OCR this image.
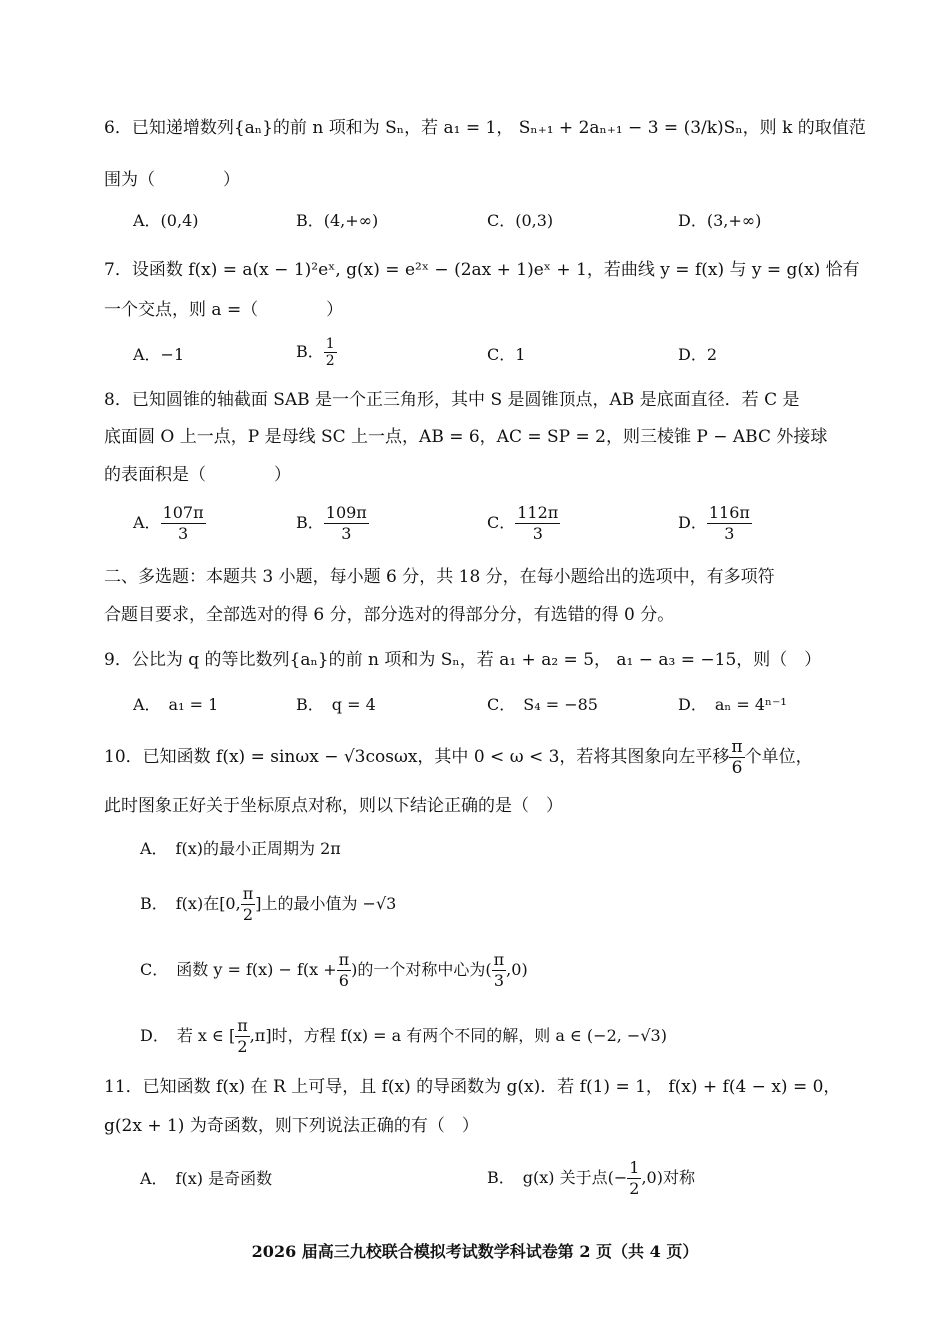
6．已知递增数列{aₙ}的前 n 项和为 Sₙ，若 a₁ = 1， Sₙ₊₁ + 2aₙ₊₁ − 3 = (3/k)Sₙ，则 k 的取值范
围为（　　　　）
A．(0,4)	B．(4,+∞)	C．(0,3)	D．(3,+∞)
7．设函数 f(x) = a(x − 1)²eˣ, g(x) = e²ˣ − (2ax + 1)eˣ + 1，若曲线 y = f(x) 与 y = g(x) 恰有
一个交点，则 a =（　　　　）
A．−1	B． $\frac{1}{2}$	C．1	D．2
8．已知圆锥的轴截面 SAB 是一个正三角形，其中 S 是圆锥顶点，AB 是底面直径．若 C 是
底面圆 O 上一点，P 是母线 SC 上一点，AB = 6，AC = SP = 2，则三棱锥 P − ABC 外接球
的表面积是（　　　　）
A． $\frac{107\pi}{3}$	B． $\frac{109\pi}{3}$	C． $\frac{112\pi}{3}$	D． $\frac{116\pi}{3}$
二、多选题：本题共 3 小题，每小题 6 分，共 18 分，在每小题给出的选项中，有多项符
合题目要求，全部选对的得 6 分，部分选对的得部分分，有选错的得 0 分。
9．公比为 q 的等比数列{aₙ}的前 n 项和为 Sₙ，若 a₁ + a₂ = 5， a₁ − a₃ = −15，则（　）
A．　a₁ = 1	B．　q = 4	C．　S₄ = −85	D．　aₙ = 4ⁿ⁻¹
10．已知函数 f(x) = sinωx − √3cosωx，其中 0 < ω < 3，若将其图象向左平移 $\frac{\pi}{6}$ 个单位，
此时图象正好关于坐标原点对称，则以下结论正确的是（　）
A．　f(x)的最小正周期为 2π
B．　f(x)在[0, $\frac{\pi}{2}$ ]上的最小值为 −√3
C．　函数 $y = f(x) - f(x + \frac{\pi}{6}$ )的一个对称中心为( $\frac{\pi}{3} ,0$)
D．　若 x ∈ [ $\frac{\pi}{2} ,\pi$]时，方程 f(x) = a 有两个不同的解，则 a ∈ (−2, −√3)
11．已知函数 f(x) 在 R 上可导，且 f(x) 的导函数为 g(x)．若 f(1) = 1， f(x) + f(4 − x) = 0，
g(2x + 1) 为奇函数，则下列说法正确的有（　）
A．　f(x) 是奇函数	B．　g(x) 关于点(− $\frac{1}{2} ,0$)对称
2026 届高三九校联合模拟考试数学科试卷第 2 页（共 4 页）
